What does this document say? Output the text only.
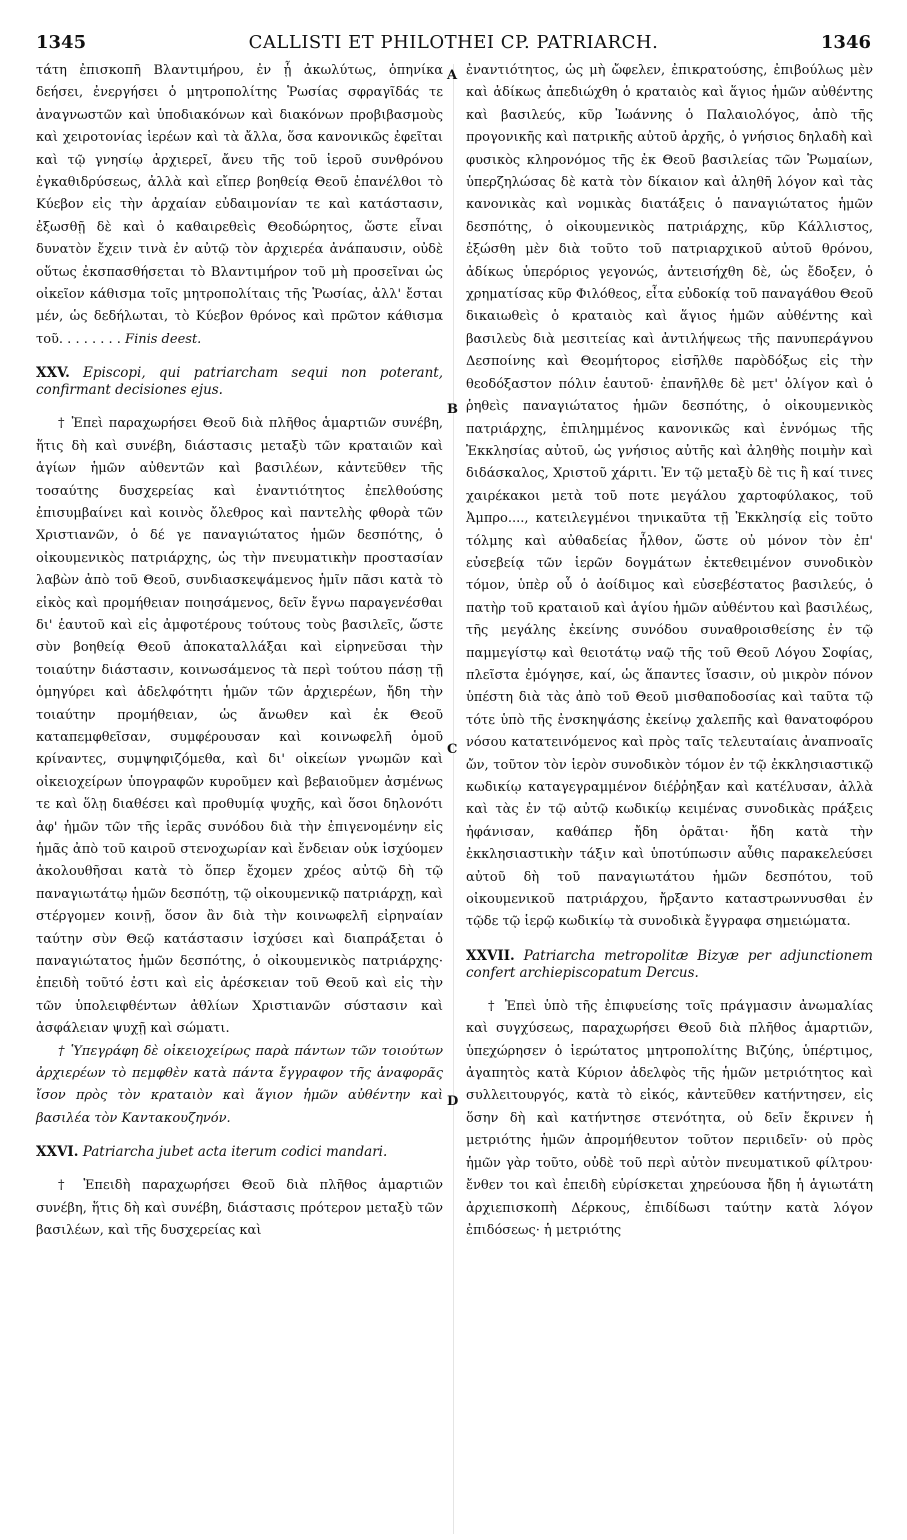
1345	CALLISTI ET PHILOTHEI CP. PATRIARCH.	1346
A
B
C
D

τάτη ἐπισκοπῆ Βλαντιμήρου, ἐν ᾗ ἀκωλύτως, ὁπηνίκα δεήσει, ἐνεργήσει ὁ μητροπολίτης Ῥωσίας σφραγῖδάς τε ἀναγνωστῶν καὶ ὑποδιακόνων καὶ διακόνων προβιβασμοὺς καὶ χειροτονίας ἱερέων καὶ τὰ ἄλλα, ὅσα κανονικῶς ἐφεῖται καὶ τῷ γνησίῳ ἀρχιερεῖ, ἄνευ τῆς τοῦ ἱεροῦ συνθρόνου ἐγκαθιδρύσεως, ἀλλὰ καὶ εἴπερ βοηθείᾳ Θεοῦ ἐπανέλθοι τὸ Κύεβον εἰς τὴν ἀρχαίαν εὐδαιμονίαν τε καὶ κατάστασιν, ἐξωσθῇ δὲ καὶ ὁ καθαιρεθεὶς Θεοδώρητος, ὥστε εἶναι δυνατὸν ἔχειν τινὰ ἐν αὐτῷ τὸν ἀρχιερέα ἀνάπαυσιν, οὐδὲ οὕτως ἐκσπασθήσεται τὸ Βλαντιμήρον τοῦ μὴ προσεῖναι ὡς οἰκεῖον κάθισμα τοῖς μητροπολίταις τῆς Ῥωσίας, ἀλλ' ἔσται μέν, ὡς δεδήλωται, τὸ Κύεβον θρόνος καὶ πρῶτον κάθισμα τοῦ. . . . . . . . Finis deest.

XXV. Episcopi, qui patriarcham sequi non poterant, confirmant decisiones ejus.

† Ἐπεὶ παραχωρήσει Θεοῦ διὰ πλῆθος ἁμαρτιῶν συνέβη, ἥτις δὴ καὶ συνέβη, διάστασις μεταξὺ τῶν κραταιῶν καὶ ἁγίων ἡμῶν αὐθεντῶν καὶ βασιλέων, κἀντεῦθεν τῆς τοσαύτης δυσχερείας καὶ ἐναντιότητος ἐπελθούσης ἐπισυμβαίνει καὶ κοινὸς ὄλεθρος καὶ παντελὴς φθορὰ τῶν Χριστιανῶν, ὁ δέ γε παναγιώτατος ἡμῶν δεσπότης, ὁ οἰκουμενικὸς πατριάρχης, ὡς τὴν πνευματικὴν προστασίαν λαβὼν ἀπὸ τοῦ Θεοῦ, συνδιασκεψάμενος ἡμῖν πᾶσι κατὰ τὸ εἰκὸς καὶ προμήθειαν ποιησάμενος, δεῖν ἔγνω παραγενέσθαι δι' ἑαυτοῦ καὶ εἰς ἀμφοτέρους τούτους τοὺς βασιλεῖς, ὥστε σὺν βοηθείᾳ Θεοῦ ἀποκαταλλάξαι καὶ εἰρηνεῦσαι τὴν τοιαύτην διάστασιν, κοινωσάμενος τὰ περὶ τούτου πάσῃ τῇ ὁμηγύρει καὶ ἀδελφότητι ἡμῶν τῶν ἀρχιερέων, ἤδη τὴν τοιαύτην προμήθειαν, ὡς ἄνωθεν καὶ ἐκ Θεοῦ καταπεμφθεῖσαν, συμφέρουσαν καὶ κοινωφελῆ ὁμοῦ κρίναντες, συμψηφιζόμεθα, καὶ δι' οἰκείων γνωμῶν καὶ οἰκειοχείρων ὑπογραφῶν κυροῦμεν καὶ βεβαιοῦμεν ἀσμένως τε καὶ ὅλῃ διαθέσει καὶ προθυμίᾳ ψυχῆς, καὶ ὅσοι δηλονότι ἀφ' ἡμῶν τῶν τῆς ἱερᾶς συνόδου διὰ τὴν ἐπιγενομένην εἰς ἡμᾶς ἀπὸ τοῦ καιροῦ στενοχωρίαν καὶ ἔνδειαν οὐκ ἰσχύομεν ἀκολουθῆσαι κατὰ τὸ ὅπερ ἔχομεν χρέος αὐτῷ δὴ τῷ παναγιωτάτῳ ἡμῶν δεσπότῃ, τῷ οἰκουμενικῷ πατριάρχῃ, καὶ στέργομεν κοινῇ, ὅσον ἂν διὰ τὴν κοινωφελῆ εἰρηναίαν ταύτην σὺν Θεῷ κατάστασιν ἰσχύσει καὶ διαπράξεται ὁ παναγιώτατος ἡμῶν δεσπότης, ὁ οἰκουμενικὸς πατριάρχης· ἐπειδὴ τοῦτό ἐστι καὶ εἰς ἀρέσκειαν τοῦ Θεοῦ καὶ εἰς τὴν τῶν ὑπολειφθέντων ἀθλίων Χριστιανῶν σύστασιν καὶ ἀσφάλειαν ψυχῇ καὶ σώματι.

† Ὑπεγράφη δὲ οἰκειοχείρως παρὰ πάντων τῶν τοιούτων ἀρχιερέων τὸ πεμφθὲν κατὰ πάντα ἔγγραφον τῆς ἀναφορᾶς ἴσον πρὸς τὸν κραταιὸν καὶ ἅγιον ἡμῶν αὐθέντην καὶ βασιλέα τὸν Καντακουζηνόν.

XXVI. Patriarcha jubet acta iterum codici mandari.

† Ἐπειδὴ παραχωρήσει Θεοῦ διὰ πλῆθος ἁμαρτιῶν συνέβη, ἥτις δὴ καὶ συνέβη, διάστασις πρότερον μεταξὺ τῶν βασιλέων, καὶ τῆς δυσχερείας καὶ

ἐναντιότητος, ὡς μὴ ὤφελεν, ἐπικρατούσης, ἐπιβούλως μὲν καὶ ἀδίκως ἀπεδιώχθη ὁ κραταιὸς καὶ ἅγιος ἡμῶν αὐθέντης καὶ βασιλεύς, κῦρ Ἰωάννης ὁ Παλαιολόγος, ἀπὸ τῆς προγονικῆς καὶ πατρικῆς αὐτοῦ ἀρχῆς, ὁ γνήσιος δηλαδὴ καὶ φυσικὸς κληρονόμος τῆς ἐκ Θεοῦ βασιλείας τῶν Ῥωμαίων, ὑπερζηλώσας δὲ κατὰ τὸν δίκαιον καὶ ἀληθῆ λόγον καὶ τὰς κανονικὰς καὶ νομικὰς διατάξεις ὁ παναγιώτατος ἡμῶν δεσπότης, ὁ οἰκουμενικὸς πατριάρχης, κῦρ Κάλλιστος, ἐξώσθη μὲν διὰ τοῦτο τοῦ πατριαρχικοῦ αὐτοῦ θρόνου, ἀδίκως ὑπερόριος γεγονώς, ἀντεισήχθη δὲ, ὡς ἔδοξεν, ὁ χρηματίσας κῦρ Φιλόθεος, εἶτα εὐδοκίᾳ τοῦ παναγάθου Θεοῦ δικαιωθεὶς ὁ κραταιὸς καὶ ἅγιος ἡμῶν αὐθέντης καὶ βασιλεὺς διὰ μεσιτείας καὶ ἀντιλήψεως τῆς πανυπεράγνου Δεσποίνης καὶ Θεομήτορος εἰσῆλθε παρὸδόξως εἰς τὴν θεοδόξαστον πόλιν ἑαυτοῦ· ἐπανῆλθε δὲ μετ' ὀλίγον καὶ ὁ ῥηθεὶς παναγιώτατος ἡμῶν δεσπότης, ὁ οἰκουμενικὸς πατριάρχης, ἐπιλημμένος κανονικῶς καὶ ἐννόμως τῆς Ἐκκλησίας αὐτοῦ, ὡς γνήσιος αὐτῆς καὶ ἀληθὴς ποιμὴν καὶ διδάσκαλος, Χριστοῦ χάριτι. Ἐν τῷ μεταξὺ δὲ τις ἢ καί τινες χαιρέκακοι μετὰ τοῦ ποτε μεγάλου χαρτοφύλακος, τοῦ Ἀμπρο...., κατειλεγμένοι τηνικαῦτα τῇ Ἐκκλησίᾳ εἰς τοῦτο τόλμης καὶ αὐθαδείας ἦλθον, ὥστε οὐ μόνον τὸν ἐπ' εὐσεβείᾳ τῶν ἱερῶν δογμάτων ἐκτεθειμένον συνοδικὸν τόμον, ὑπὲρ οὗ ὁ ἀοίδιμος καὶ εὐσεβέστατος βασιλεύς, ὁ πατὴρ τοῦ κραταιοῦ καὶ ἁγίου ἡμῶν αὐθέντου καὶ βασιλέως, τῆς μεγάλης ἐκείνης συνόδου συναθροισθείσης ἐν τῷ παμμεγίστῳ καὶ θειοτάτῳ ναῷ τῆς τοῦ Θεοῦ Λόγου Σοφίας, πλεῖστα ἐμόγησε, καί, ὡς ἅπαντες ἴσασιν, οὐ μικρὸν πόνον ὑπέστη διὰ τὰς ἀπὸ τοῦ Θεοῦ μισθαποδοσίας καὶ ταῦτα τῷ τότε ὑπὸ τῆς ἐνσκηψάσης ἐκείνῳ χαλεπῆς καὶ θανατοφόρου νόσου κατατεινόμενος καὶ πρὸς ταῖς τελευταίαις ἀναπνοαῖς ὤν, τοῦτον τὸν ἱερὸν συνοδικὸν τόμον ἐν τῷ ἐκκλησιαστικῷ κωδικίῳ καταγεγραμμένον διέῤῥηξαν καὶ κατέλυσαν, ἀλλὰ καὶ τὰς ἐν τῷ αὐτῷ κωδικίῳ κειμένας συνοδικὰς πράξεις ἠφάνισαν, καθάπερ ἤδη ὁρᾶται· ἤδη κατὰ τὴν ἐκκλησιαστικὴν τάξιν καὶ ὑποτύπωσιν αὖθις παρακελεύσει αὐτοῦ δὴ τοῦ παναγιωτάτου ἡμῶν δεσπότου, τοῦ οἰκουμενικοῦ πατριάρχου, ἤρξαντο καταστρωννυσθαι ἐν τῷδε τῷ ἱερῷ κωδικίῳ τὰ συνοδικὰ ἔγγραφα σημειώματα.

XXVII. Patriarcha metropolitæ Bizyæ per adjunctionem confert archiepiscopatum Dercus.

† Ἐπεὶ ὑπὸ τῆς ἐπιφυείσης τοῖς πράγμασιν ἀνωμαλίας καὶ συγχύσεως, παραχωρήσει Θεοῦ διὰ πλῆθος ἁμαρτιῶν, ὑπεχώρησεν ὁ ἱερώτατος μητροπολίτης Βιζύης, ὑπέρτιμος, ἀγαπητὸς κατὰ Κύριον ἀδελφὸς τῆς ἡμῶν μετριότητος καὶ συλλειτουργός, κατὰ τὸ εἰκός, κἀντεῦθεν κατήντησεν, εἰς ὅσην δὴ καὶ κατήντησε στενότητα, οὐ δεῖν ἔκρινεν ἡ μετριότης ἡμῶν ἀπρομήθευτον τοῦτον περιιδεῖν· οὐ πρὸς ἡμῶν γὰρ τοῦτο, οὐδὲ τοῦ περὶ αὐτὸν πνευματικοῦ φίλτρου· ἔνθεν τοι καὶ ἐπειδὴ εὑρίσκεται χηρεύουσα ἤδη ἡ ἁγιωτάτη ἀρχιεπισκοπὴ Δέρκους, ἐπιδίδωσι ταύτην κατὰ λόγον ἐπιδόσεως· ἡ μετριότης
